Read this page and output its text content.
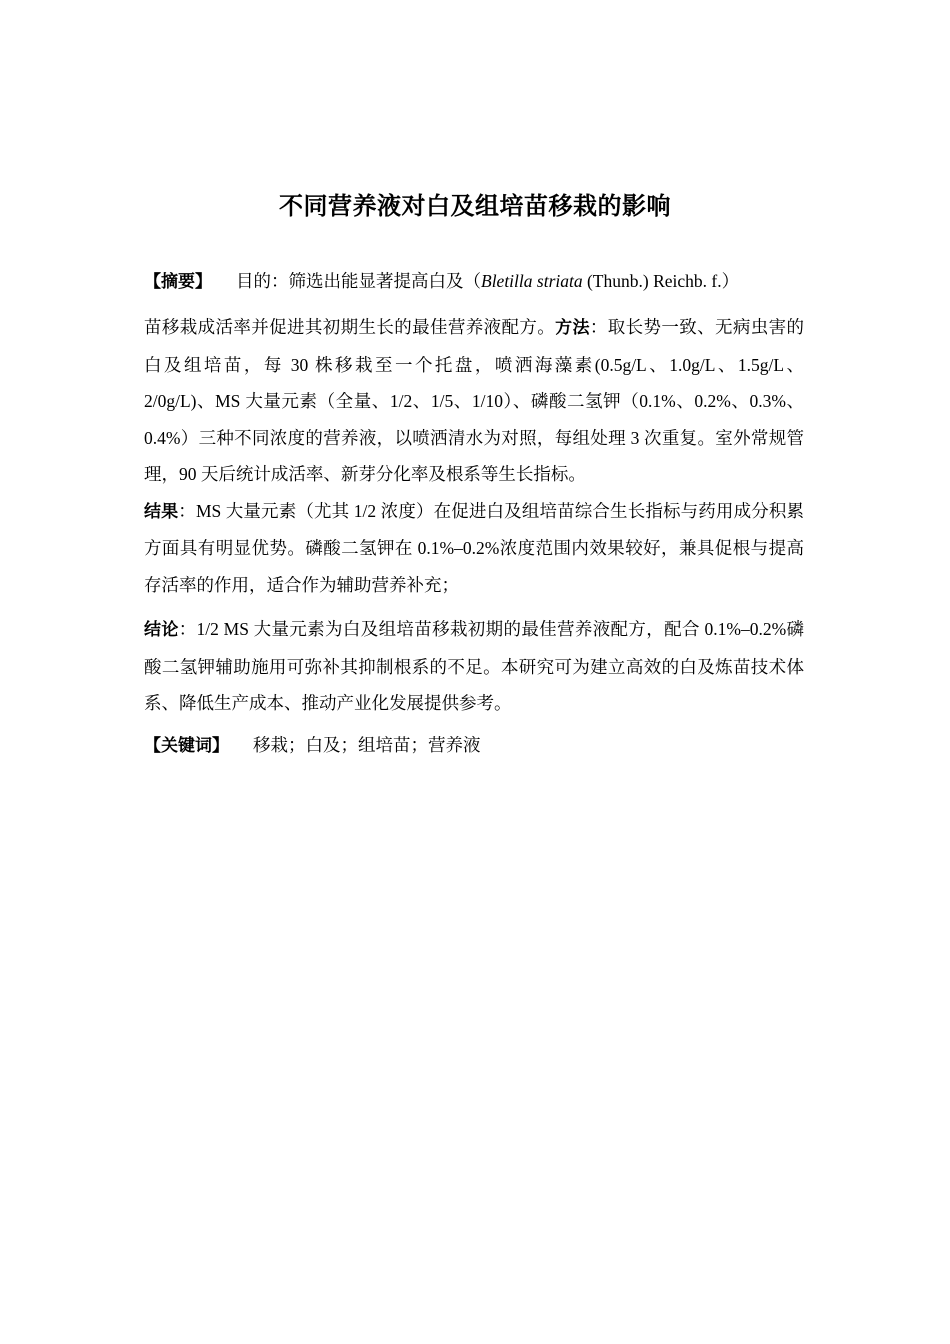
不同营养液对白及组培苗移栽的影响
【摘要】 目的：筛选出能显著提高白及（Bletilla striata (Thunb.) Reichb. f.）
苗移栽成活率并促进其初期生长的最佳营养液配方。方法：取长势一致、无病虫害的白及组培苗，每 30 株移栽至一个托盘，喷洒海藻素(0.5g/L、1.0g/L、1.5g/L、2/0g/L)、MS 大量元素（全量、1/2、1/5、1/10）、磷酸二氢钾（0.1%、0.2%、0.3%、0.4%）三种不同浓度的营养液，以喷洒清水为对照，每组处理 3 次重复。室外常规管理，90 天后统计成活率、新芽分化率及根系等生长指标。
结果：MS 大量元素（尤其 1/2 浓度）在促进白及组培苗综合生长指标与药用成分积累方面具有明显优势。磷酸二氢钾在 0.1%–0.2%浓度范围内效果较好，兼具促根与提高存活率的作用，适合作为辅助营养补充；
结论：1/2 MS 大量元素为白及组培苗移栽初期的最佳营养液配方，配合 0.1%–0.2%磷酸二氢钾辅助施用可弥补其抑制根系的不足。本研究可为建立高效的白及炼苗技术体系、降低生产成本、推动产业化发展提供参考。
【关键词】 移栽；白及；组培苗；营养液
